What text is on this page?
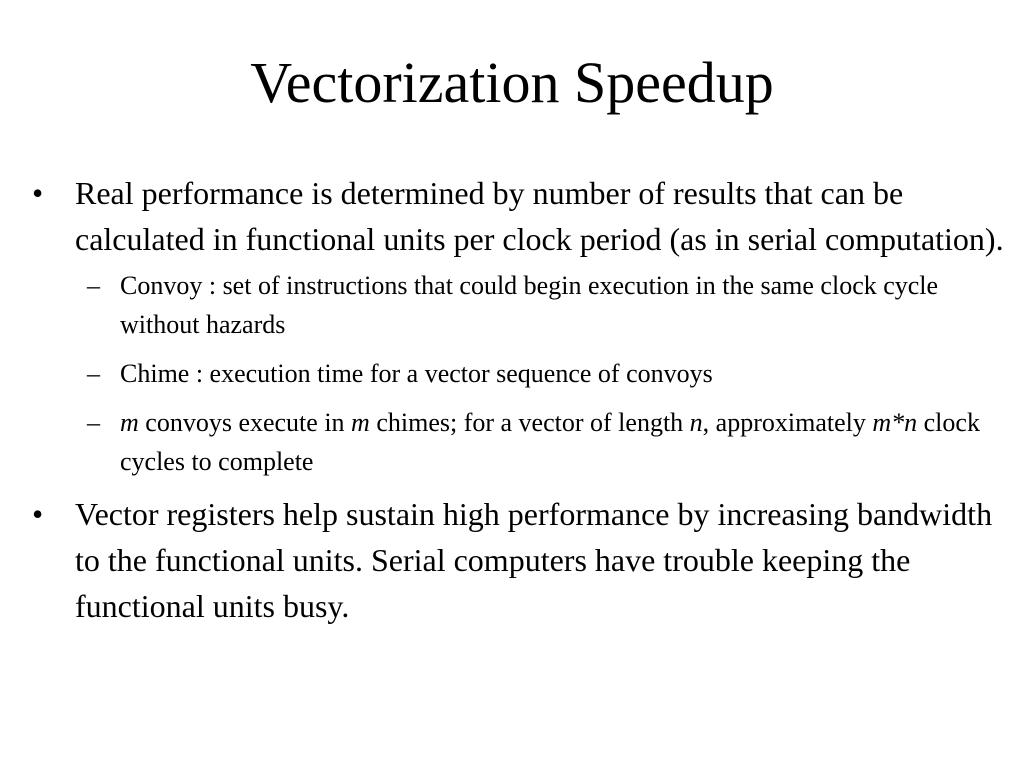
Vectorization Speedup
• Real performance is determined by number of results that can be calculated in functional units per clock period (as in serial computation).
– Convoy : set of instructions that could begin execution in the same clock cycle without hazards
– Chime : execution time for a vector sequence of convoys
– m convoys execute in m chimes; for a vector of length n, approximately m*n clock cycles to complete
• Vector registers help sustain high performance by increasing bandwidth to the functional units. Serial computers have trouble keeping the functional units busy.
